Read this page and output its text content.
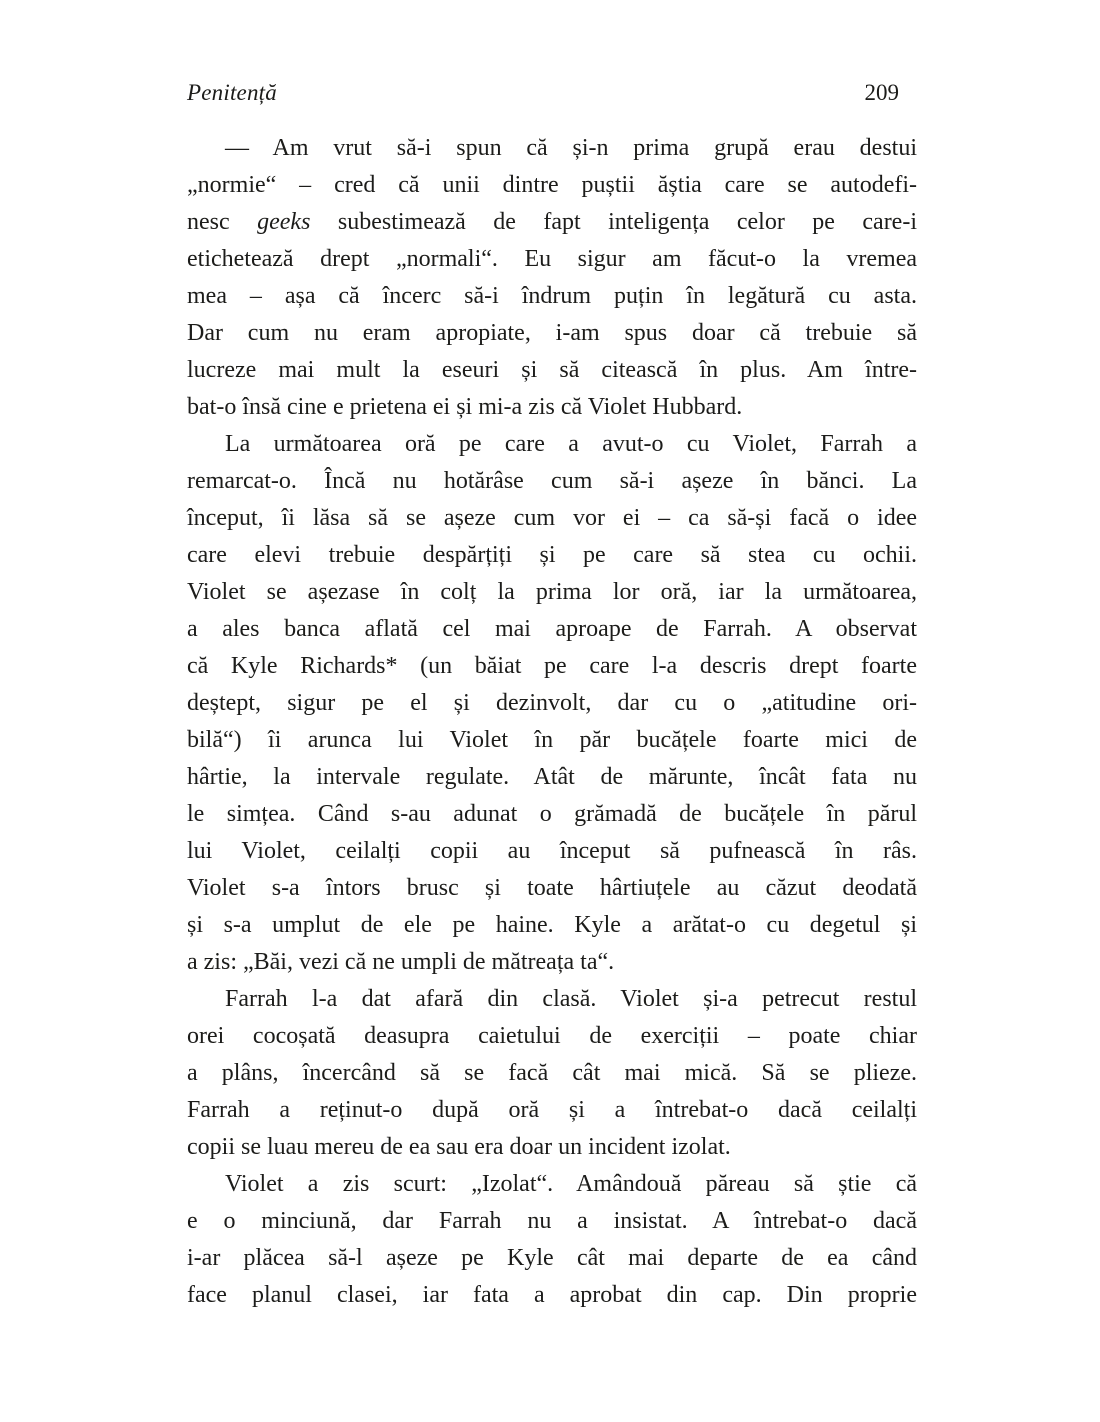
Penitență	209
— Am vrut să-i spun că și-n prima grupă erau destui
„normie“ – cred că unii dintre puștii ăștia care se autodefi-
nesc geeks subestimează de fapt inteligența celor pe care-i
etichetează drept „normali“. Eu sigur am făcut-o la vremea
mea – așa că încerc să-i îndrum puțin în legătură cu asta.
Dar cum nu eram apropiate, i-am spus doar că trebuie să
lucreze mai mult la eseuri și să citească în plus. Am între-
bat-o însă cine e prietena ei și mi-a zis că Violet Hubbard.
La următoarea oră pe care a avut-o cu Violet, Farrah a
remarcat-o. Încă nu hotărâse cum să-i așeze în bănci. La
început, îi lăsa să se așeze cum vor ei – ca să-și facă o idee
care elevi trebuie despărțiți și pe care să stea cu ochii.
Violet se așezase în colț la prima lor oră, iar la următoarea,
a ales banca aflată cel mai aproape de Farrah. A observat
că Kyle Richards* (un băiat pe care l-a descris drept foarte
deștept, sigur pe el și dezinvolt, dar cu o „atitudine ori-
bilă“) îi arunca lui Violet în păr bucățele foarte mici de
hârtie, la intervale regulate. Atât de mărunte, încât fata nu
le simțea. Când s-au adunat o grămadă de bucățele în părul
lui Violet, ceilalți copii au început să pufnească în râs.
Violet s-a întors brusc și toate hârtiuțele au căzut deodată
și s-a umplut de ele pe haine. Kyle a arătat-o cu degetul și
a zis: „Băi, vezi că ne umpli de mătreața ta“.
Farrah l-a dat afară din clasă. Violet și-a petrecut restul
orei cocoșată deasupra caietului de exerciții – poate chiar
a plâns, încercând să se facă cât mai mică. Să se plieze.
Farrah a reținut-o după oră și a întrebat-o dacă ceilalți
copii se luau mereu de ea sau era doar un incident izolat.
Violet a zis scurt: „Izolat“. Amândouă păreau să știe că
e o minciună, dar Farrah nu a insistat. A întrebat-o dacă
i-ar plăcea să-l așeze pe Kyle cât mai departe de ea când
face planul clasei, iar fata a aprobat din cap. Din proprie
